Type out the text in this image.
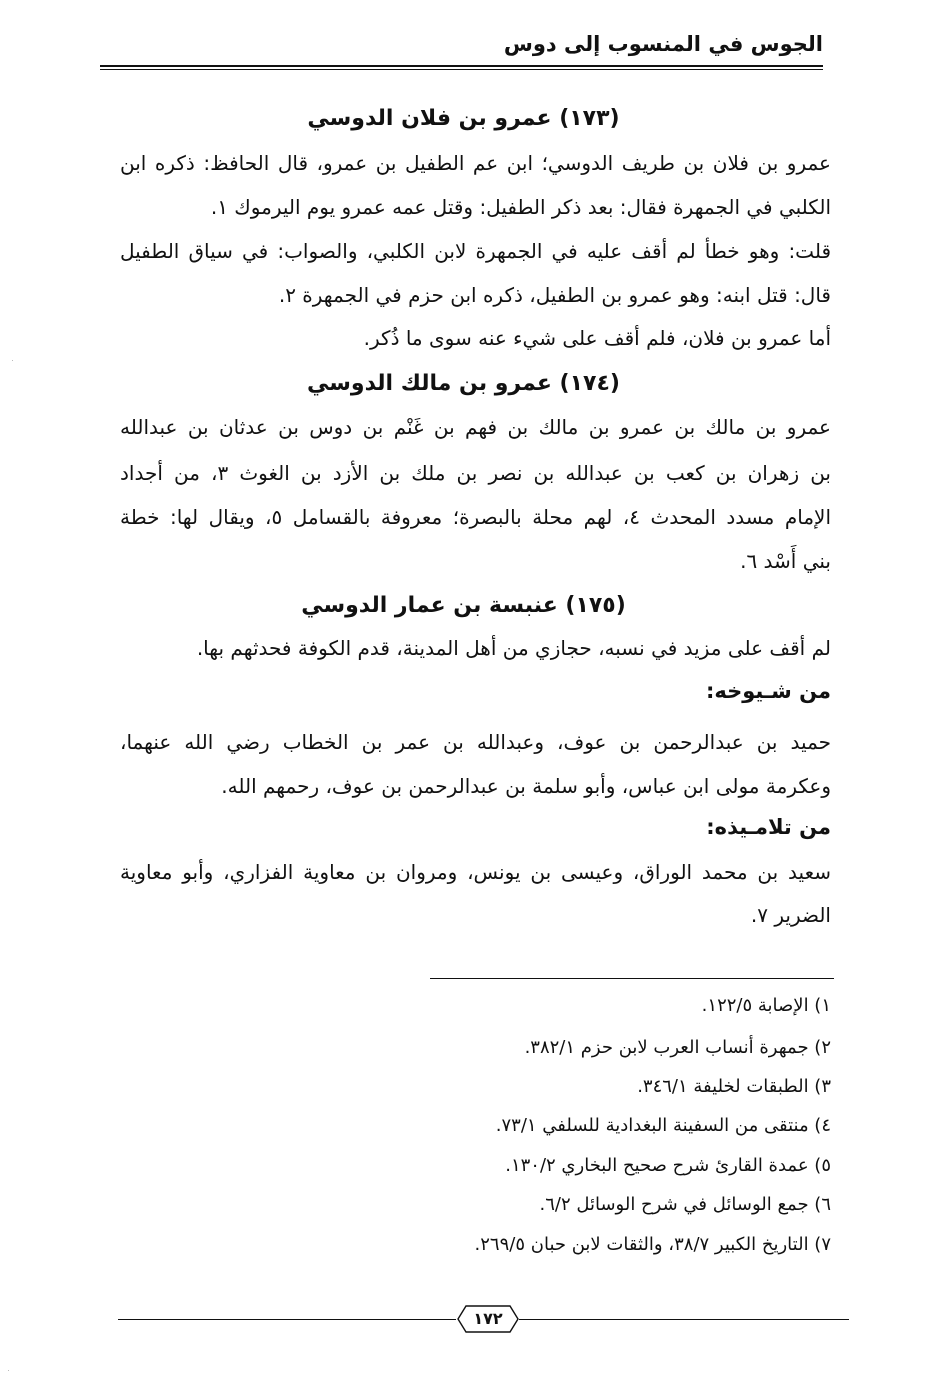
الجوس في المنسوب إلى دوس
(١٧٣) عمرو بن فلان الدوسي
عمرو بن فلان بن طريف الدوسي؛ ابن عم الطفيل بن عمرو، قال الحافظ: ذكره ابن
الكلبي في الجمهرة فقال: بعد ذكر الطفيل: وقتل عمه عمرو يوم اليرموك ١.
قلت: وهو خطأ لم أقف عليه في الجمهرة لابن الكلبي، والصواب: في سياق الطفيل
قال: قتل ابنه: وهو عمرو بن الطفيل، ذكره ابن حزم في الجمهرة ٢.
أما عمرو بن فلان، فلم أقف على شيء عنه سوى ما ذُكر.
(١٧٤) عمرو بن مالك الدوسي
عمرو بن مالك بن عمرو بن مالك بن فهم بن غَنْم بن دوس بن عدثان بن عبدالله
بن زهران بن كعب بن عبدالله بن نصر بن ملك بن الأزد بن الغوث ٣، من أجداد
الإمام مسدد المحدث ٤، لهم محلة بالبصرة؛ معروفة بالقسامل ٥، ويقال لها: خطة
بني أَسْد ٦.
(١٧٥) عنبسة بن عمار الدوسي
لم أقف على مزيد في نسبه، حجازي من أهل المدينة، قدم الكوفة فحدثهم بها.
من شـيوخه:
حميد بن عبدالرحمن بن عوف، وعبدالله بن عمر بن الخطاب رضي الله عنهما،
وعكرمة مولى ابن عباس، وأبو سلمة بن عبدالرحمن بن عوف، رحمهم الله.
من تلامـيذه:
سعيد بن محمد الوراق، وعيسى بن يونس، ومروان بن معاوية الفزاري، وأبو معاوية
الضرير ٧.
١) الإصابة ١٢٢/٥.
٢) جمهرة أنساب العرب لابن حزم ٣٨٢/١.
٣) الطبقات لخليفة ٣٤٦/١.
٤) منتقى من السفينة البغدادية للسلفي ٧٣/١.
٥) عمدة القارئ شرح صحيح البخاري ١٣٠/٢.
٦) جمع الوسائل في شرح الوسائل ٦/٢.
٧) التاريخ الكبير ٣٨/٧، والثقات لابن حبان ٢٦٩/٥.
١٧٢
